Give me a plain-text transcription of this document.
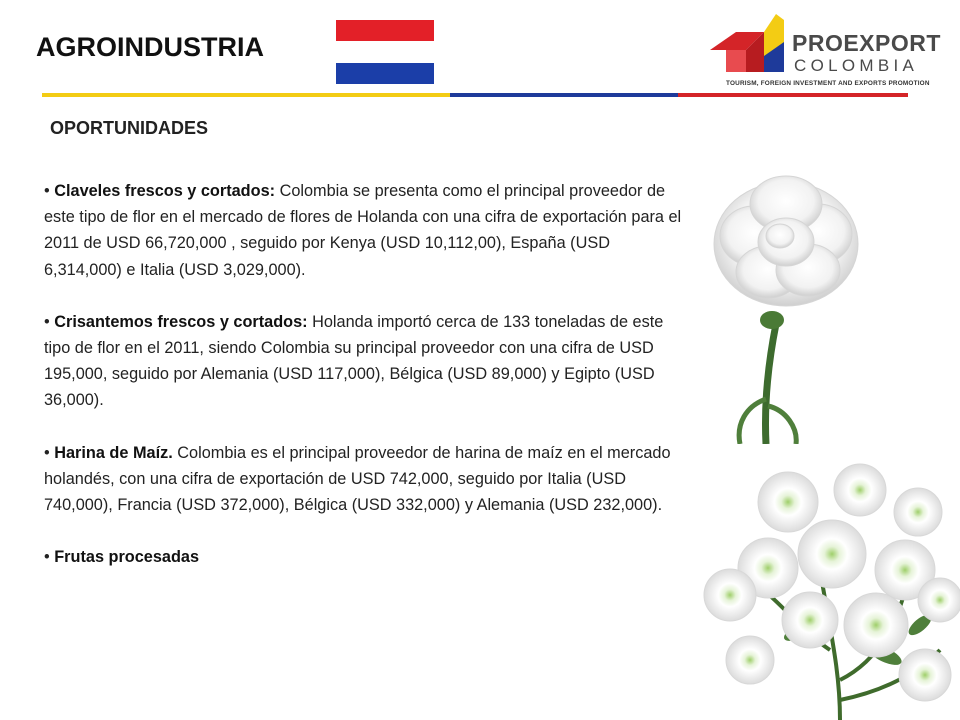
AGROINDUSTRIA	PROEXPORT
COLOMBIA
TOURISM, FOREIGN INVESTMENT AND EXPORTS PROMOTION
OPORTUNIDADES

• Claveles frescos y cortados: Colombia se presenta como el principal proveedor de este tipo de flor en el mercado de flores de Holanda con una cifra de exportación para el 2011 de USD 66,720,000 , seguido por Kenya (USD 10,112,00), España (USD 6,314,000) e Italia (USD 3,029,000).

• Crisantemos frescos y cortados: Holanda importó cerca de 133 toneladas de este tipo de flor en el 2011, siendo Colombia su principal proveedor con una cifra de USD 195,000, seguido por Alemania (USD 117,000), Bélgica (USD 89,000) y Egipto (USD 36,000).

• Harina de Maíz. Colombia es el principal proveedor de harina de maíz en el mercado holandés, con una cifra de exportación de USD 742,000, seguido por Italia (USD 740,000), Francia (USD 372,000), Bélgica (USD 332,000) y Alemania (USD 232,000).

• Frutas procesadas
